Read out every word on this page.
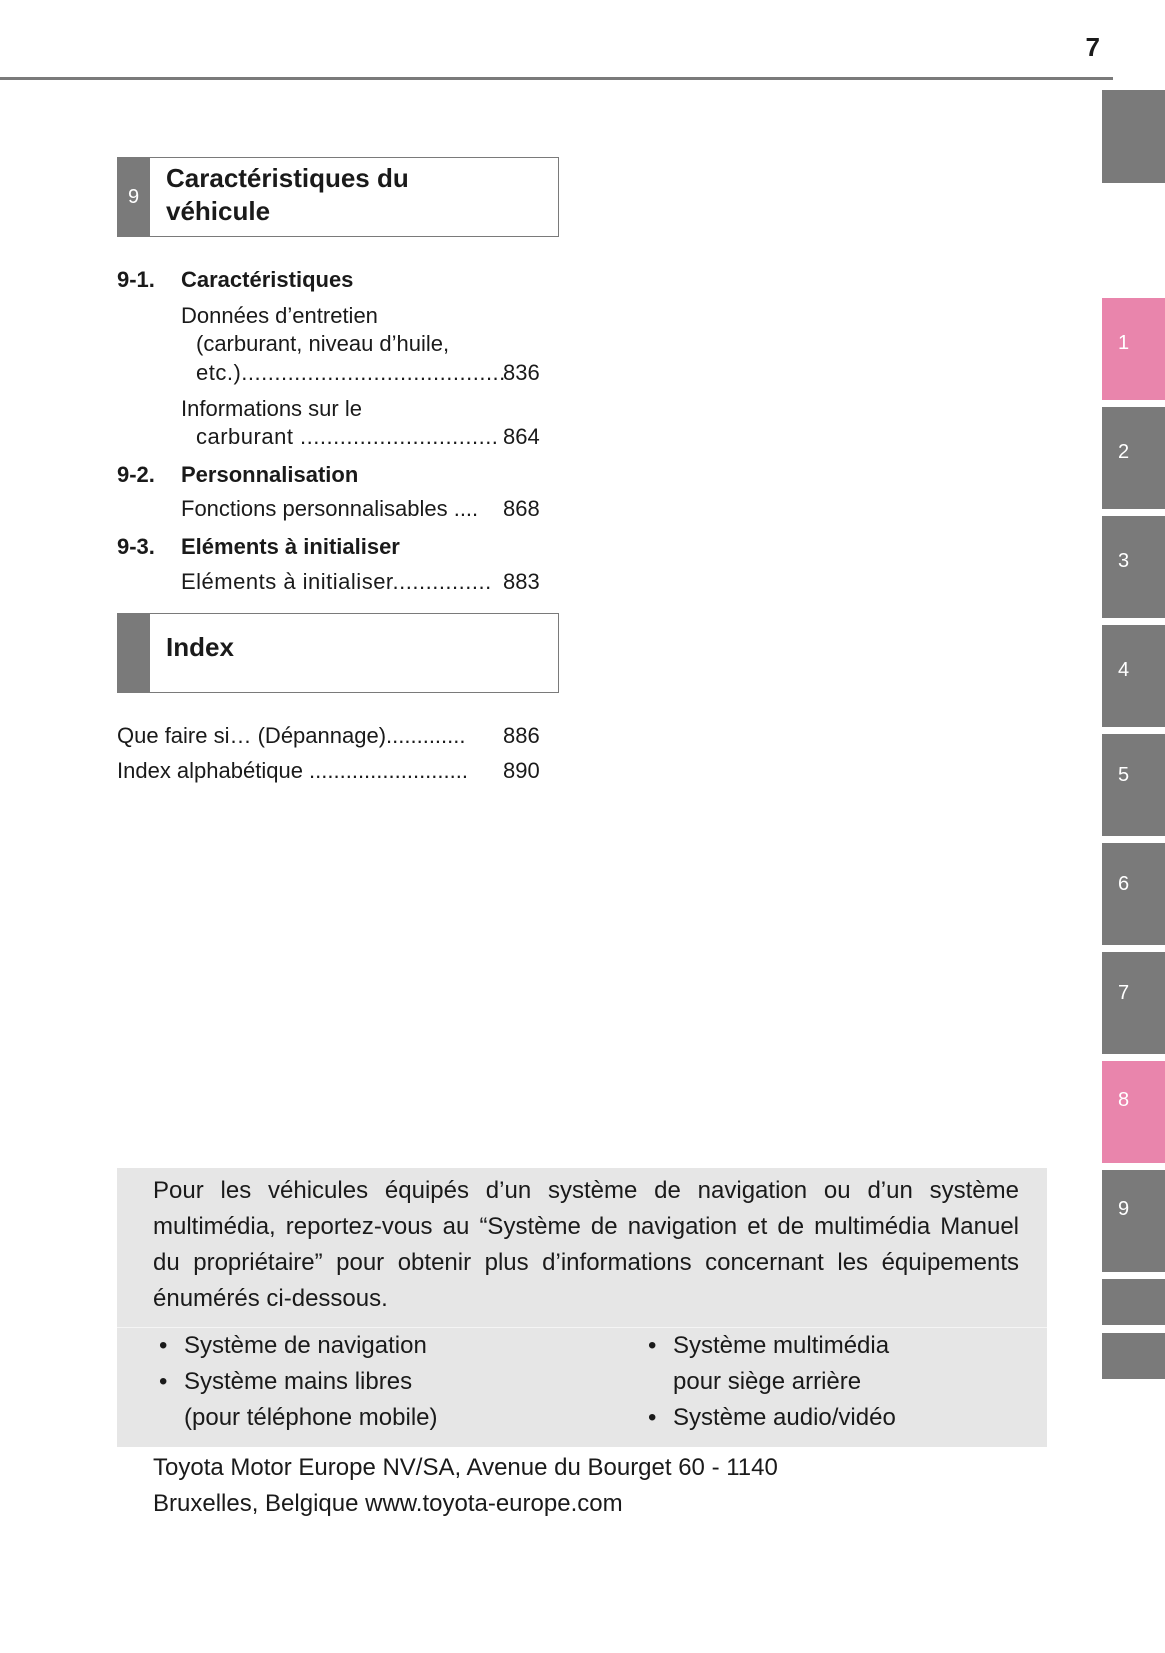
7
1
2
3
4
5
6
7
8
9
9
Caractéristiques du
véhicule
9-1. Caractéristiques
Données d’entretien
(carburant, niveau d’huile,
etc.)........................................
836
Informations sur le
carburant .............................. 864
9-2. Personnalisation
Fonctions personnalisables .... 868
9-3. Eléments à initialiser
Eléments à initialiser............... 883
Index
Que faire si… (Dépannage)............. 886
Index alphabétique .......................... 890
Pour les véhicules équipés d’un système de navigation ou d’un système multimédia, reportez-vous au “Système de navigation et de multimédia Manuel du propriétaire” pour obtenir plus d’informations concernant les équipements énumérés ci-dessous.
• Système de navigation
• Système mains libres
(pour téléphone mobile)
• Système multimédia
pour siège arrière
• Système audio/vidéo
Toyota Motor Europe NV/SA, Avenue du Bourget 60 - 1140
Bruxelles, Belgique www.toyota-europe.com
